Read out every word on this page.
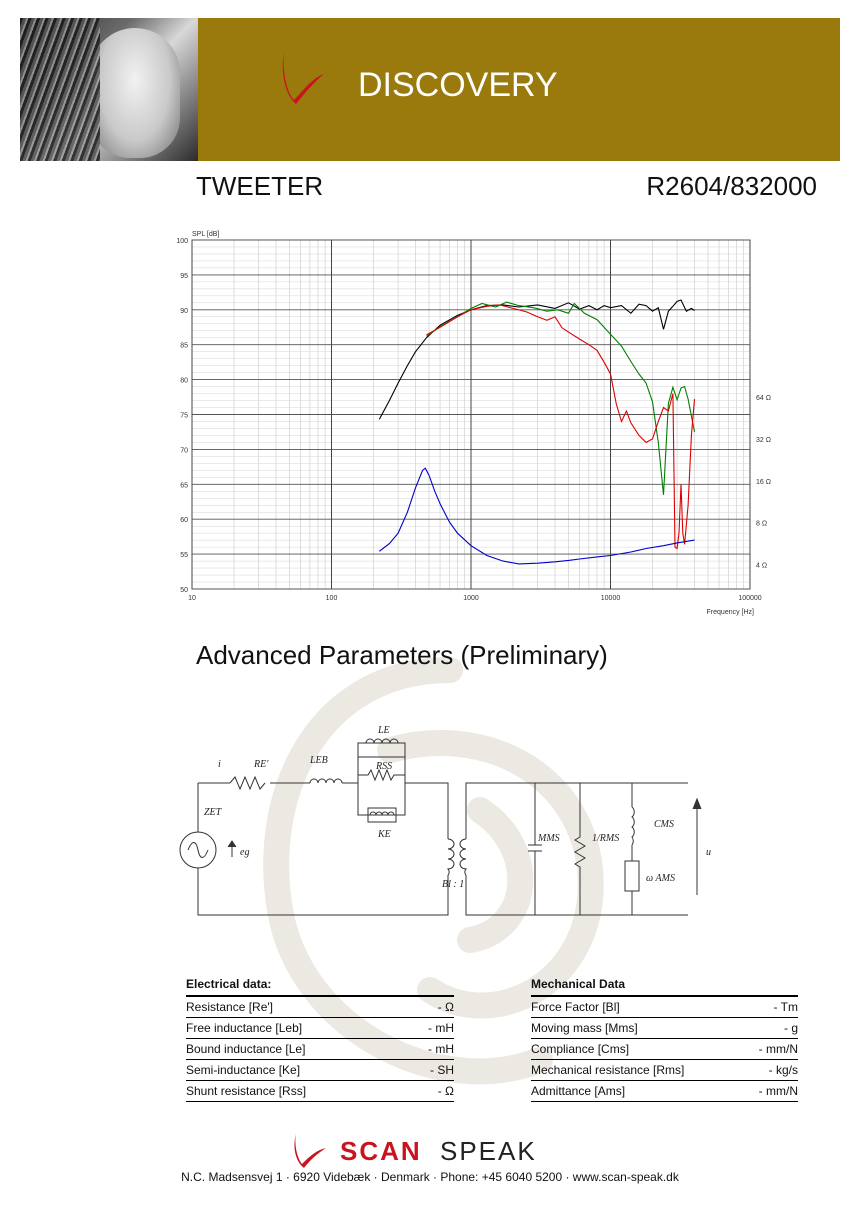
DISCOVERY
TWEETER	R2604/832000
100
95
90
85
80
75
70
65
60
55
50
10	100	1000	10000	100000
64 Ω
32 Ω
16 Ω
8 Ω
4 Ω
SPL [dB]
Frequency [Hz]
Advanced Parameters (Preliminary)
i	RE'	LEB
LE
RSS
KE
ZET
eg
Bl : 1
MMS	1/RMS
CMS
ω AMS
u
Electrical data:
Resistance [Re']	- Ω
Free inductance [Leb]	- mH
Bound inductance [Le]	- mH
Semi-inductance [Ke]	- SH
Shunt resistance [Rss]	- Ω
Mechanical Data
Force Factor [Bl]	- Tm
Moving mass [Mms]	- g
Compliance [Cms]	- mm/N
Mechanical resistance [Rms]	- kg/s
Admittance [Ams]	- mm/N
SCAN SPEAK
N.C. Madsensvej 1 · 6920 Videbæk · Denmark · Phone: +45 6040 5200 · www.scan-speak.dk
